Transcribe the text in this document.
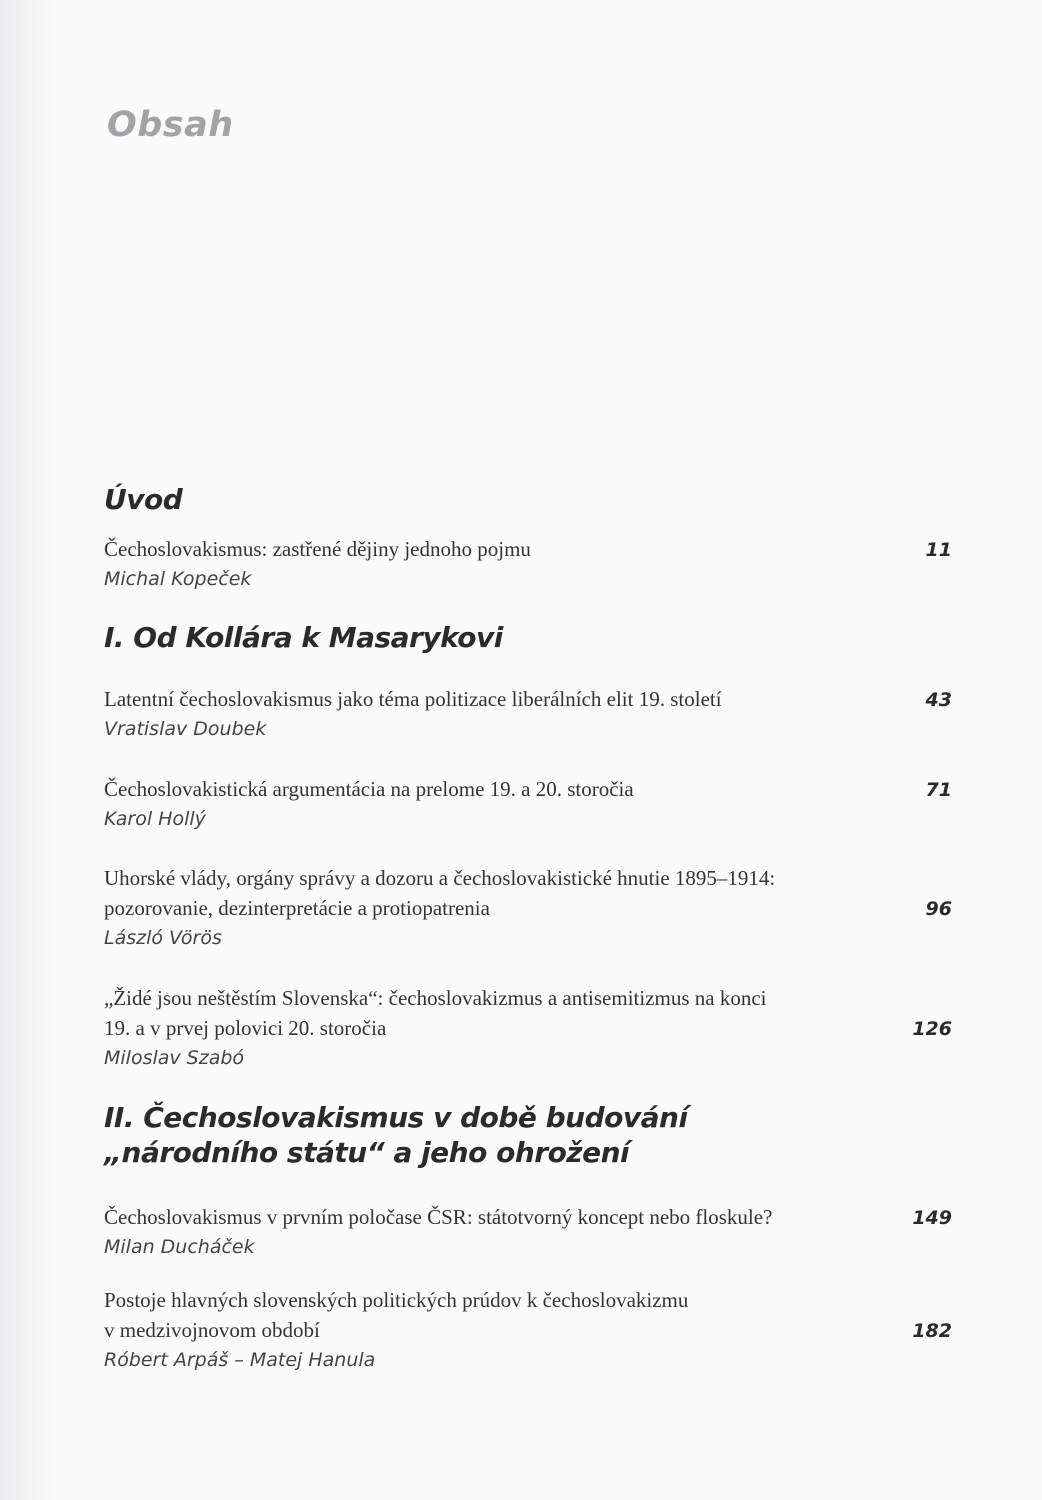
Obsah
Úvod
Čechoslovakismus: zastřené dějiny jednoho pojmu	11
Michal Kopeček
I. Od Kollára k Masarykovi
Latentní čechoslovakismus jako téma politizace liberálních elit 19. století	43
Vratislav Doubek
Čechoslovakistická argumentácia na prelome 19. a 20. storočia	71
Karol Hollý
Uhorské vlády, orgány správy a dozoru a čechoslovakistické hnutie 1895–1914:
pozorovanie, dezinterpretácie a protiopatrenia	96
László Vörös
„Židé jsou neštěstím Slovenska“: čechoslovakizmus a antisemitizmus na konci
19. a v prvej polovici 20. storočia	126
Miloslav Szabó
II. Čechoslovakismus v době budování
„národního státu“ a jeho ohrožení
Čechoslovakismus v prvním poločase ČSR: státotvorný koncept nebo floskule?	149
Milan Ducháček
Postoje hlavných slovenských politických prúdov k čechoslovakizmu
v medzivojnovom období	182
Róbert Arpáš – Matej Hanula
